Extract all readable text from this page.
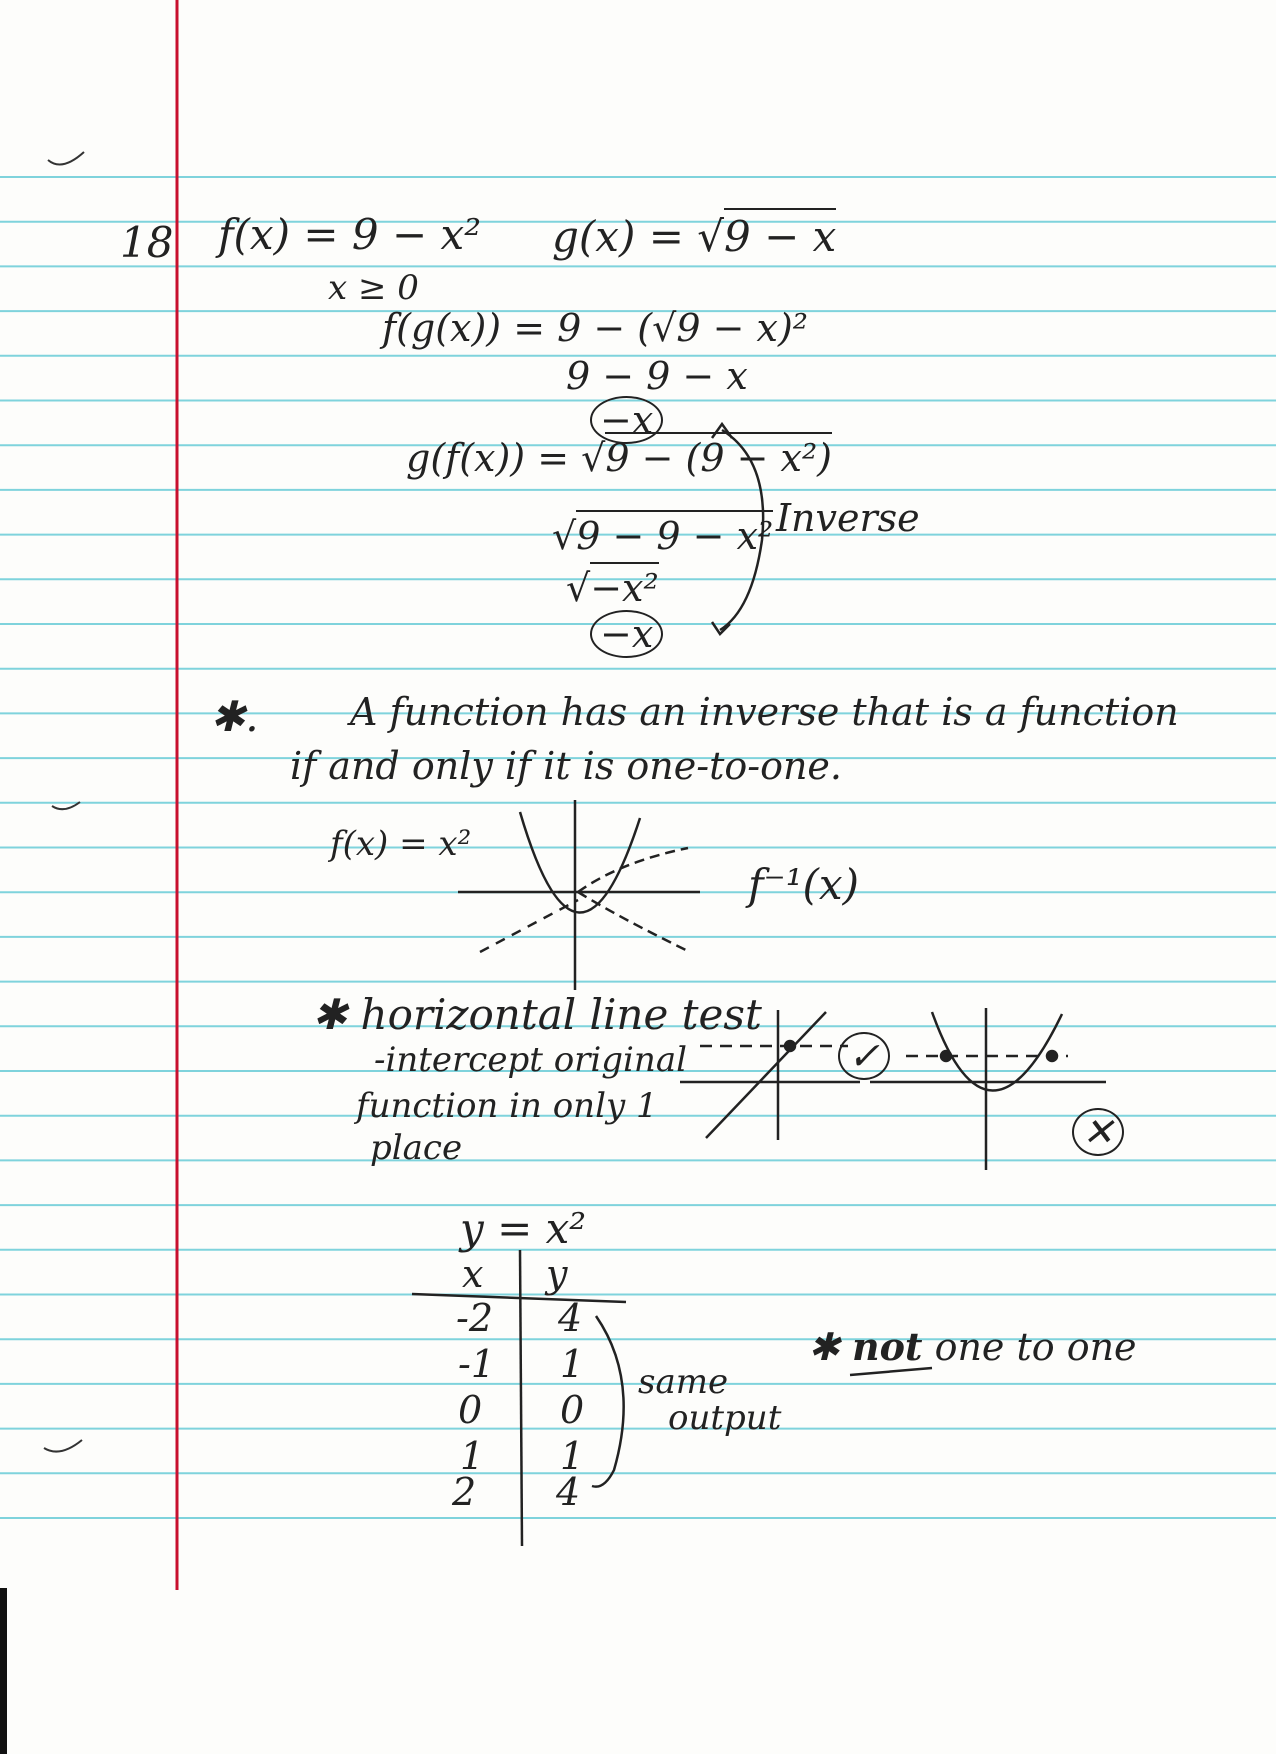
18 f(x) = 9 − x² g(x) = √9 − x
x ≥ 0
f(g(x)) = 9 − (√9 − x)²
9 − 9 − x
−x
g(f(x)) = √9 − (9 − x²)
√9 − 9 − x²
√−x²
−x
Inverse
✱. A function has an inverse that is a function
if and only if it is one-to-one.
f(x) = x²
f⁻¹(x)
✱ horizontal line test
-intercept original
function in only 1
place
✓
✕
y = x²
x y
-2 4
-1 1
0 0
1 1
2 4
same
output
✱ not one to one
